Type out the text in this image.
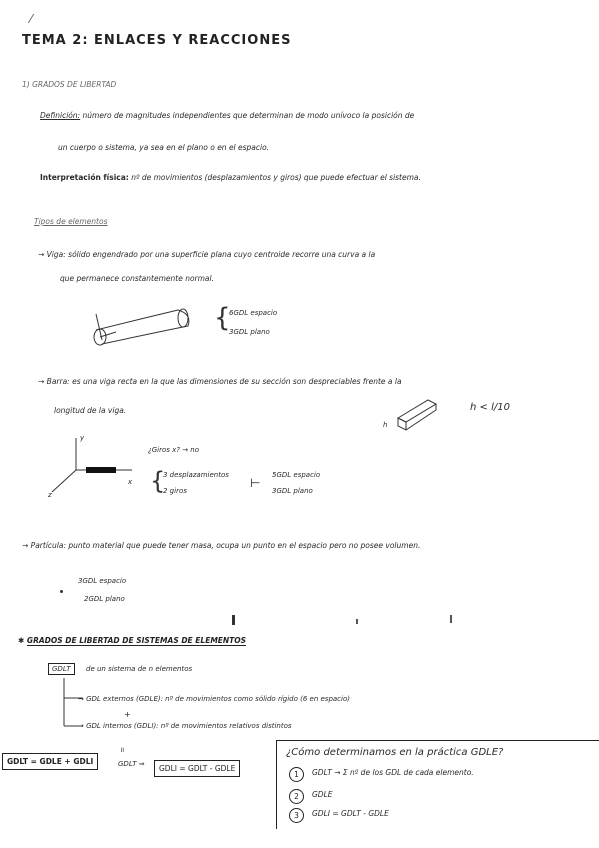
TEMA 2: ENLACES Y REACCIONES
⁄
1) GRADOS DE LIBERTAD
Definición: número de magnitudes independientes que determinan de modo unívoco la posición de
un cuerpo o sistema, ya sea en el plano o en el espacio.
Interpretación física: nº de movimientos (desplazamientos y giros) que puede efectuar el sistema.
Tipos de elementos
→ Viga: sólido engendrado por una superficie plana cuyo centroide recorre una curva a la
que permanece constantemente normal.
{
6GDL espacio
3GDL plano
→ Barra: es una viga recta en la que las dimensiones de su sección son despreciables frente a la
longitud de la viga.
h
h < l/10
y
x
z
¿Giros x? → no
{
3 desplazamientos
2 giros
⊢
5GDL espacio
3GDL plano
→ Partícula: punto material que puede tener masa, ocupa un punto en el espacio pero no posee volumen.
3GDL espacio
2GDL plano
✱ GRADOS DE LIBERTAD DE SISTEMAS DE ELEMENTOS
GDLT	de un sistema de n elementos
→ GDL externos (GDLE): nº de movimientos como sólido rígido (6 en espacio)
+
→ GDL internos (GDLI): nº de movimientos relativos distintos
GDLT = GDLE + GDLI
॥
GDLT ⇒	GDLI = GDLT - GDLE
¿Cómo determinamos en la práctica GDLE?
1	GDLT → Σ nº de los GDL de cada elemento.
2	GDLE
3	GDLI = GDLT - GDLE
